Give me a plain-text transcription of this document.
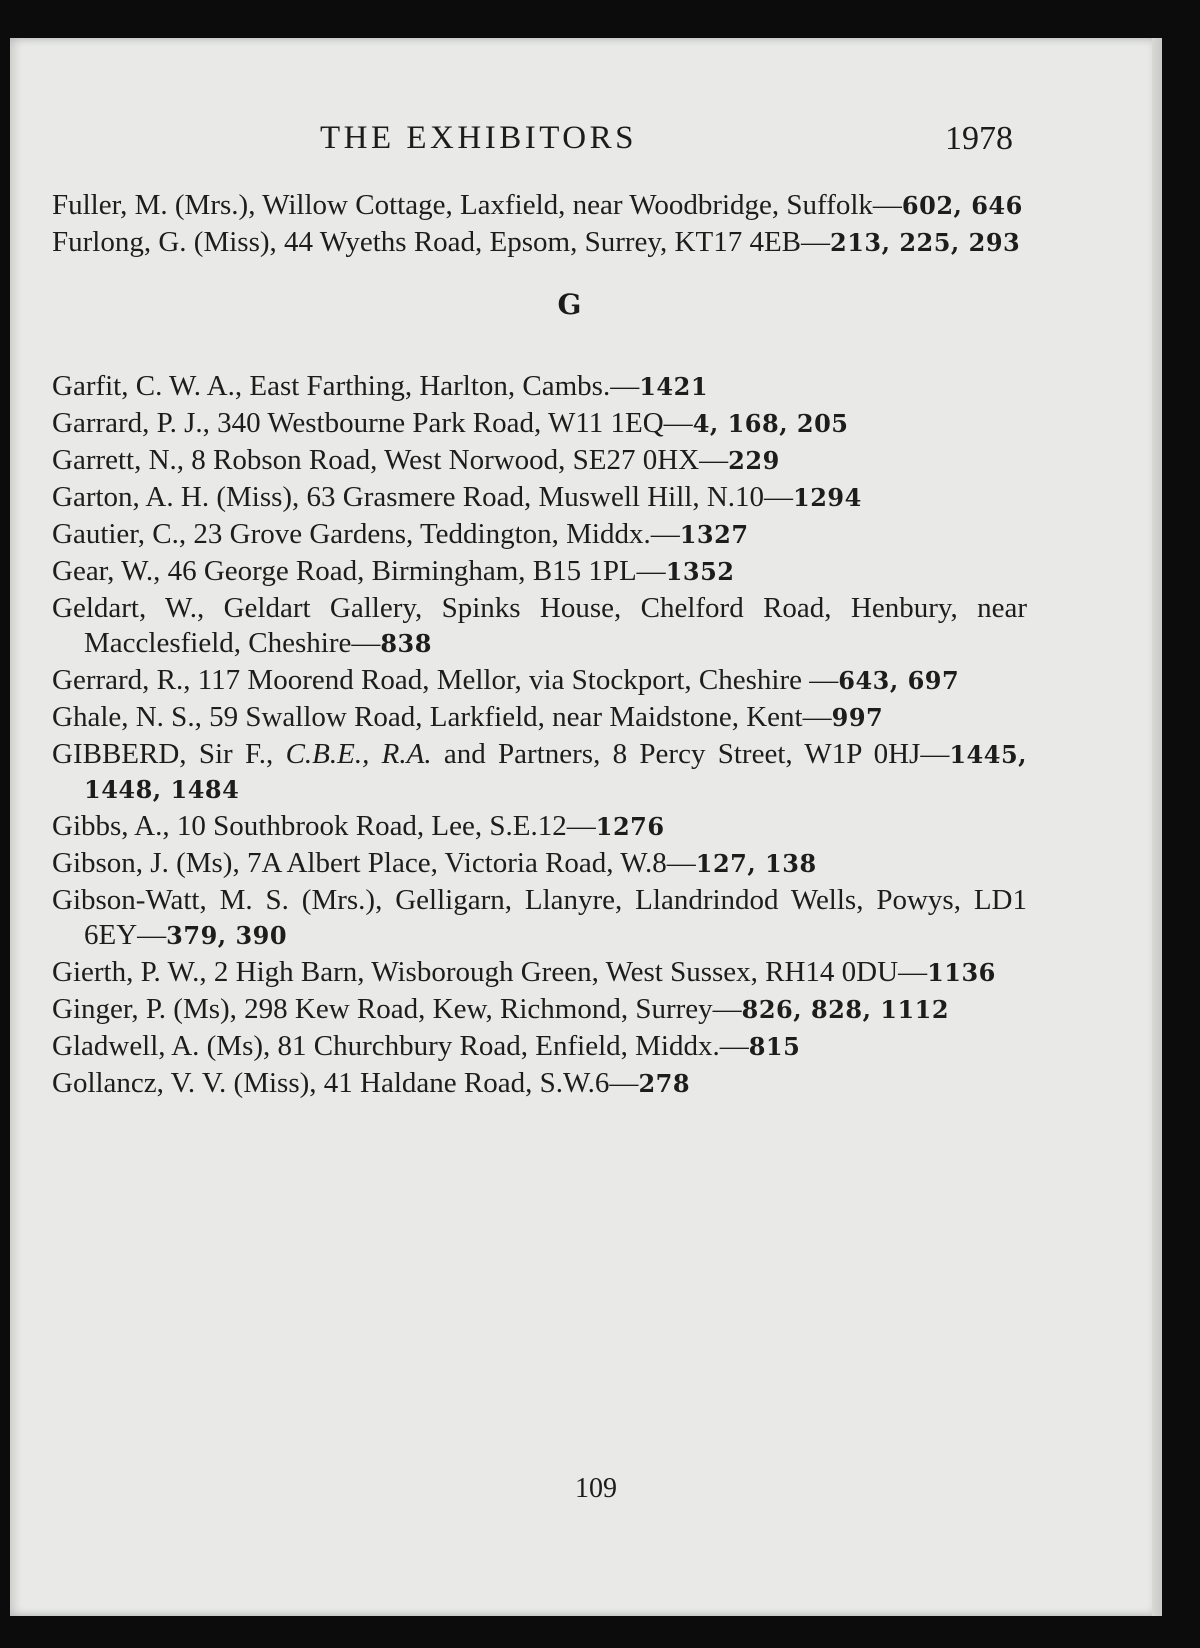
THE EXHIBITORS	1978

Fuller, M. (Mrs.), Willow Cottage, Laxfield, near Woodbridge, Suffolk—602, 646

Furlong, G. (Miss), 44 Wyeths Road, Epsom, Surrey, KT17 4EB—213, 225, 293

G

Garfit, C. W. A., East Farthing, Harlton, Cambs.—1421

Garrard, P. J., 340 Westbourne Park Road, W11 1EQ—4, 168, 205

Garrett, N., 8 Robson Road, West Norwood, SE27 0HX—229

Garton, A. H. (Miss), 63 Grasmere Road, Muswell Hill, N.10—1294

Gautier, C., 23 Grove Gardens, Teddington, Middx.—1327

Gear, W., 46 George Road, Birmingham, B15 1PL—1352

Geldart, W., Geldart Gallery, Spinks House, Chelford Road, Henbury, near Macclesfield, Cheshire—838

Gerrard, R., 117 Moorend Road, Mellor, via Stockport, Cheshire —643, 697

Ghale, N. S., 59 Swallow Road, Larkfield, near Maidstone, Kent—997

GIBBERD, Sir F., C.B.E., R.A. and Partners, 8 Percy Street, W1P 0HJ—1445, 1448, 1484

Gibbs, A., 10 Southbrook Road, Lee, S.E.12—1276

Gibson, J. (Ms), 7A Albert Place, Victoria Road, W.8—127, 138

Gibson-Watt, M. S. (Mrs.), Gelligarn, Llanyre, Llandrindod Wells, Powys, LD1 6EY—379, 390

Gierth, P. W., 2 High Barn, Wisborough Green, West Sussex, RH14 0DU—1136

Ginger, P. (Ms), 298 Kew Road, Kew, Richmond, Surrey—826, 828, 1112

Gladwell, A. (Ms), 81 Churchbury Road, Enfield, Middx.—815

Gollancz, V. V. (Miss), 41 Haldane Road, S.W.6—278

109
